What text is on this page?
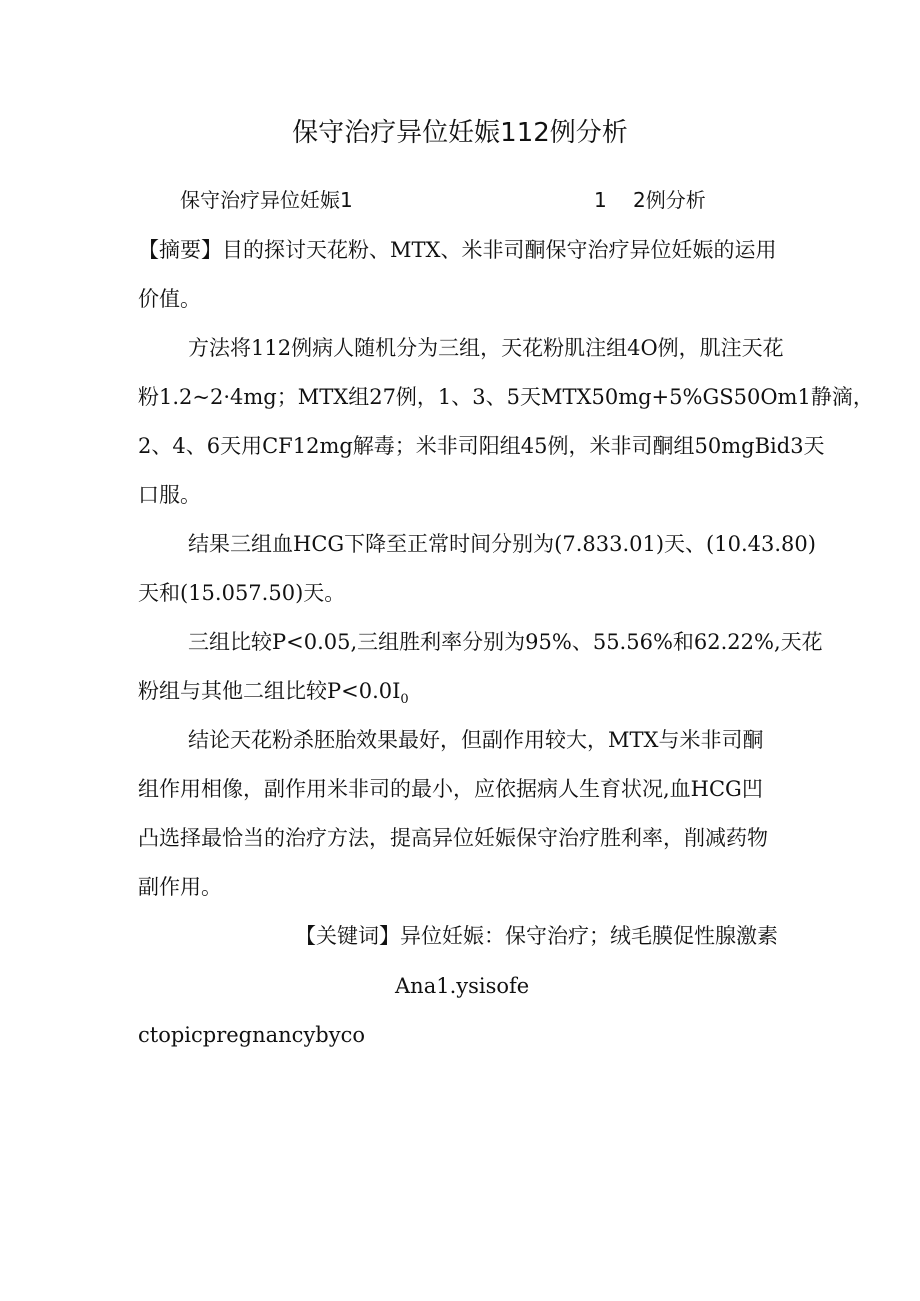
保守治疗异位妊娠112例分析
保守治疗异位妊娠1	1 2例分析
【摘要】目的探讨天花粉、MTX、米非司酮保守治疗异位妊娠的运用
价值。
方法将112例病人随机分为三组，天花粉肌注组4O例，肌注天花
粉1.2~2·4mg；MTX组27例，1、3、5天MTX50mg+5%GS50Om1静滴，
2、4、6天用CF12mg解毒；米非司阳组45例，米非司酮组50mgBid3天
口服。
结果三组血HCG下降至正常时间分别为(7.833.01)天、(10.43.80)
天和(15.057.50)天。
三组比较P<0.05,三组胜利率分别为95%、55.56%和62.22%,天花
粉组与其他二组比较$P<0.0I_0$
结论天花粉杀胚胎效果最好，但副作用较大，MTX与米非司酮
组作用相像，副作用米非司的最小，应依据病人生育状况,血HCG凹
凸选择最恰当的治疗方法，提高异位妊娠保守治疗胜利率，削减药物
副作用。
【关键词】异位妊娠：保守治疗；绒毛膜促性腺激素
Ana1.ysisofe
ctopicpregnancybyco
